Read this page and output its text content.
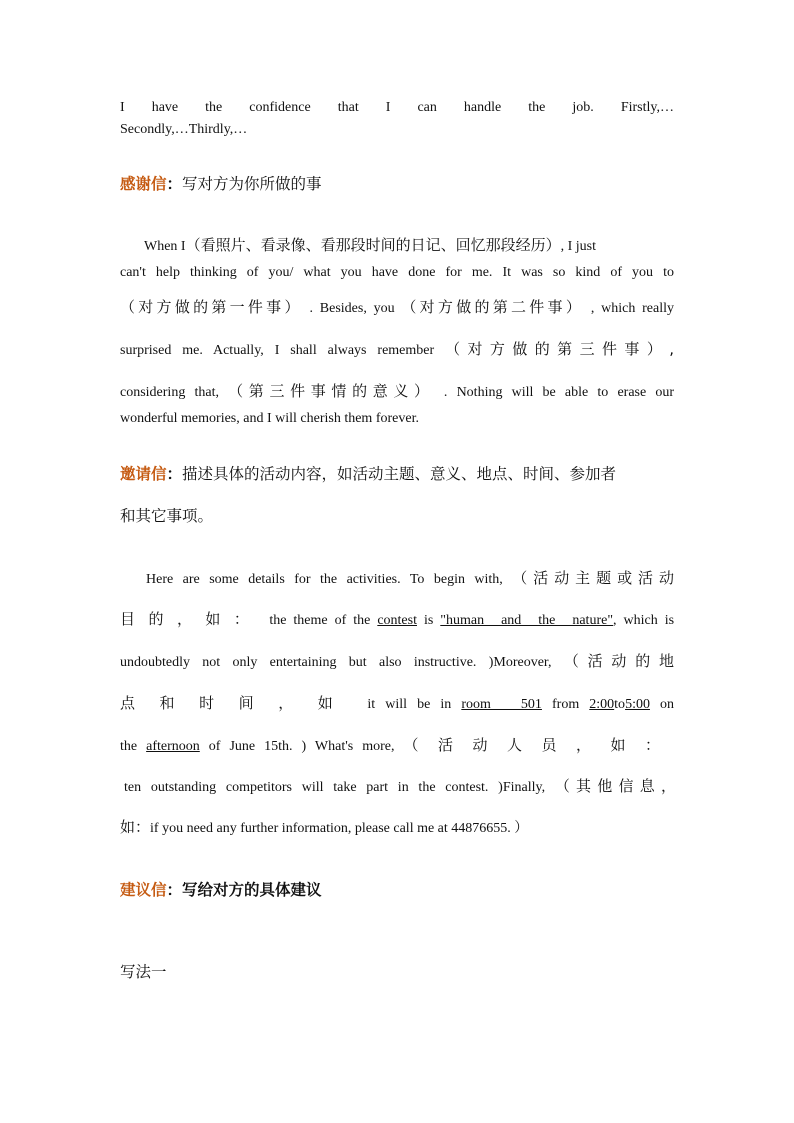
I have the confidence that I can handle the job. Firstly,…
Secondly,…Thirdly,…
感谢信：写对方为你所做的事
When I（看照片、看录像、看那段时间的日记、回忆那段经历）, I just
can't help thinking of you/ what you have done for me. It was so kind of you to
（对方做的第一件事） . Besides, you （对方做的第二件事） , which really
surprised me. Actually, I shall always remember （对方做的第三件事）,
considering that, （第三件事情的意义） . Nothing will be able to erase our
wonderful memories, and I will cherish them forever.
邀请信：描述具体的活动内容，如活动主题、意义、地点、时间、参加者
和其它事项。
Here are some details for the activities. To begin with, （活动主题或活动
目的，如： the theme of the contest is "human and the nature", which is
undoubtedly not only entertaining but also instructive. )Moreover, （活动的地
点和时间，如 it will be in room 501 from 2:00to5:00 on
the afternoon of June 15th. ) What's more, （活动人员，如：
ten outstanding competitors will take part in the contest. )Finally, （其他信息，
如：if you need any further information, please call me at 44876655. ）
建议信：写给对方的具体建议
写法一
